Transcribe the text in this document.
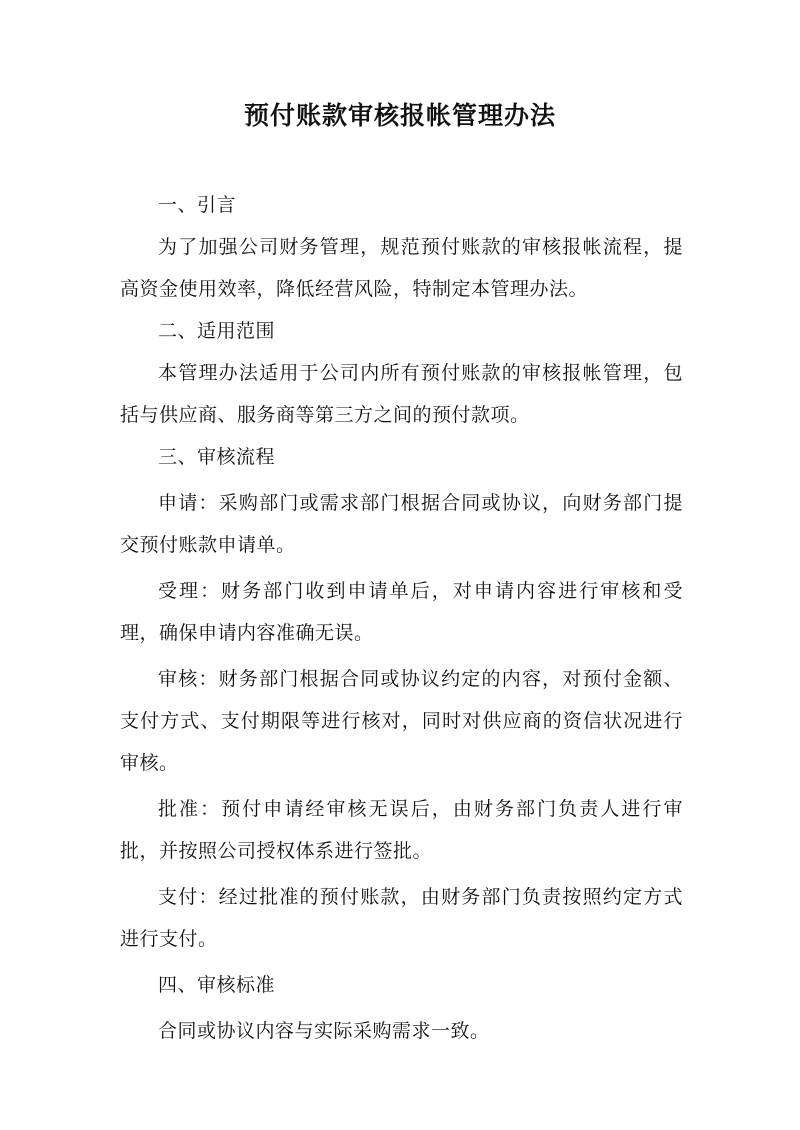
预付账款审核报帐管理办法

一、引言

为了加强公司财务管理，规范预付账款的审核报帐流程，提高资金使用效率，降低经营风险，特制定本管理办法。

二、适用范围

本管理办法适用于公司内所有预付账款的审核报帐管理，包括与供应商、服务商等第三方之间的预付款项。

三、审核流程

申请：采购部门或需求部门根据合同或协议，向财务部门提交预付账款申请单。

受理：财务部门收到申请单后，对申请内容进行审核和受理，确保申请内容准确无误。

审核：财务部门根据合同或协议约定的内容，对预付金额、支付方式、支付期限等进行核对，同时对供应商的资信状况进行审核。

批准：预付申请经审核无误后，由财务部门负责人进行审批，并按照公司授权体系进行签批。

支付：经过批准的预付账款，由财务部门负责按照约定方式进行支付。

四、审核标准

合同或协议内容与实际采购需求一致。
